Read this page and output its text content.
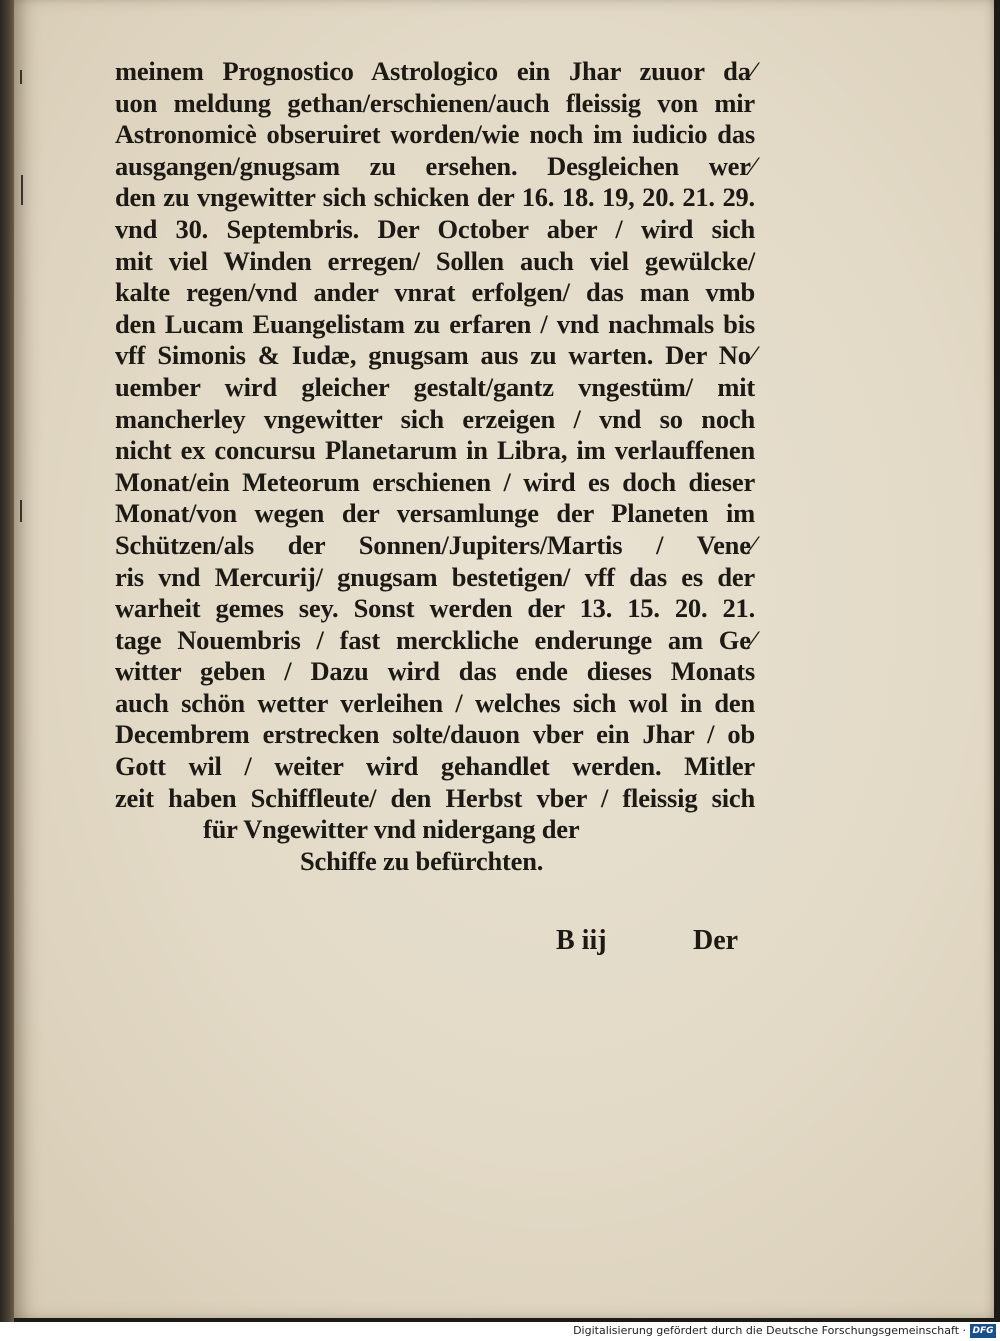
meinem Prognostico Astrologico ein Jhar zuuor da⁄
uon meldung gethan/erschienen/auch fleissig von mir
Astronomicè obseruiret worden/wie noch im iudicio das
ausgangen/gnugsam zu ersehen. Desgleichen wer⁄
den zu vngewitter sich schicken der 16. 18. 19, 20. 21. 29.
vnd 30. Septembris. Der October aber / wird sich
mit viel Winden erregen/ Sollen auch viel gewülcke/
kalte regen/vnd ander vnrat erfolgen/ das man vmb
den Lucam Euangelistam zu erfaren / vnd nachmals bis
vff Simonis & Iudæ, gnugsam aus zu warten. Der No⁄
uember wird gleicher gestalt/gantz vngestüm/ mit
mancherley vngewitter sich erzeigen / vnd so noch
nicht ex concursu Planetarum in Libra, im verlauffenen
Monat/ein Meteorum erschienen / wird es doch dieser
Monat/von wegen der versamlunge der Planeten im
Schützen/als der Sonnen/Jupiters/Martis / Vene⁄
ris vnd Mercurij/ gnugsam bestetigen/ vff das es der
warheit gemes sey. Sonst werden der 13. 15. 20. 21.
tage Nouembris / fast merckliche enderunge am Ge⁄
witter geben / Dazu wird das ende dieses Monats
auch schön wetter verleihen / welches sich wol in den
Decembrem erstrecken solte/dauon vber ein Jhar / ob
Gott wil / weiter wird gehandlet werden. Mitler
zeit haben Schiffleute/ den Herbst vber / fleissig sich
für Vngewitter vnd nidergang der
Schiffe zu befürchten.
B iij	Der
Digitalisierung gefördert durch die Deutsche Forschungsgemeinschaft · DFG
